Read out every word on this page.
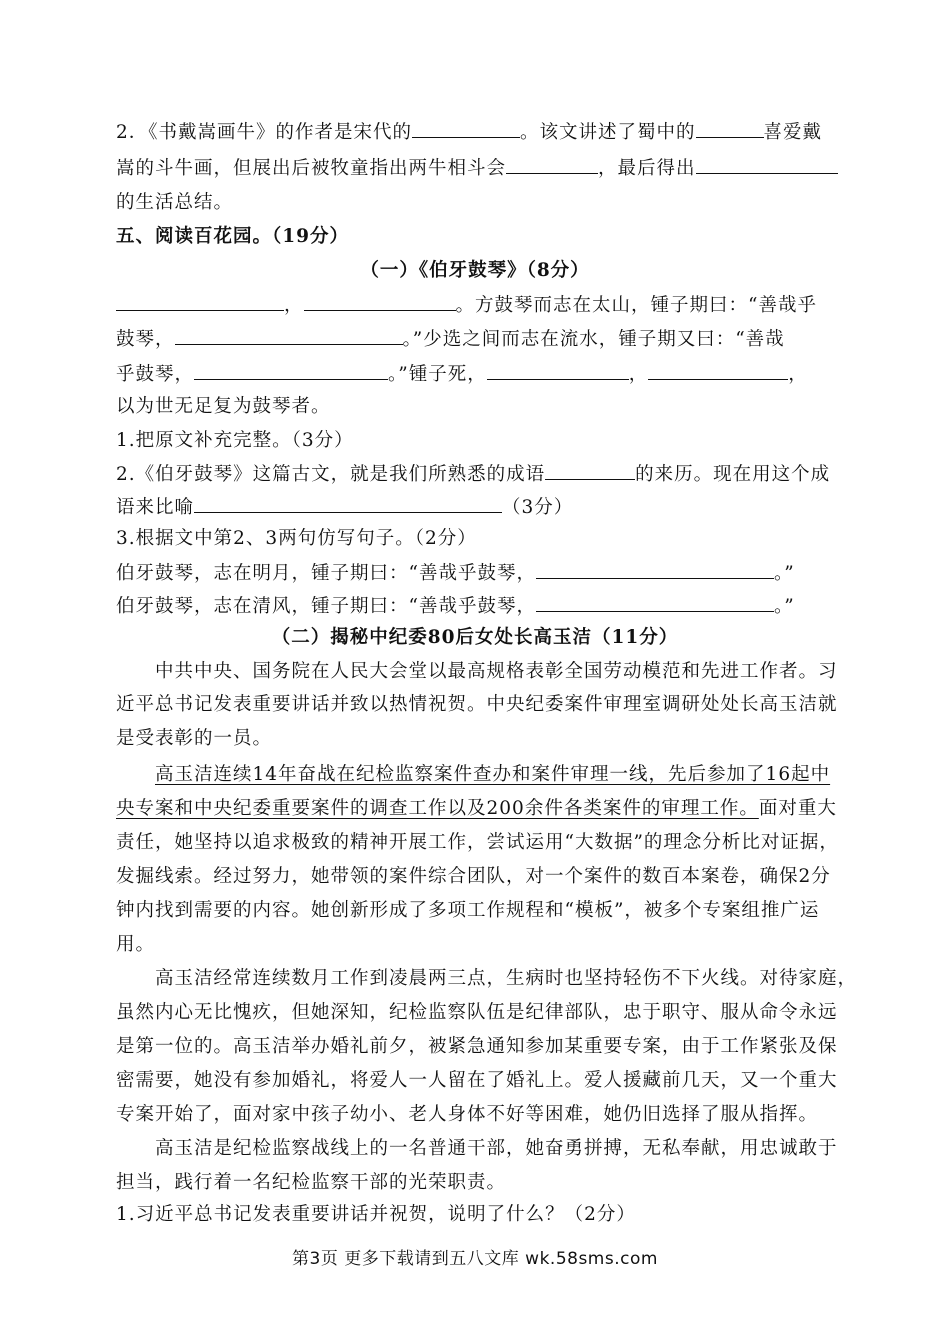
2．《书戴嵩画牛》的作者是宋代的	。该文讲述了蜀中的	喜爱戴
嵩的斗牛画，但展出后被牧童指出两牛相斗会	，最后得出
的生活总结。
五、阅读百花园。（19分）
（一）《伯牙鼓琴》（8分）
，	。方鼓琴而志在太山，锺子期曰：“善哉乎
鼓琴，	。”少选之间而志在流水，锺子期又曰：“善哉
乎鼓琴，	。”锺子死，	，	，
以为世无足复为鼓琴者。
1.把原文补充完整。（3分）
2.《伯牙鼓琴》这篇古文，就是我们所熟悉的成语	的来历。现在用这个成
语来比喻	（3分）
3.根据文中第2、3两句仿写句子。（2分）
伯牙鼓琴，志在明月，锺子期曰：“善哉乎鼓琴，	。”
伯牙鼓琴，志在清风，锺子期曰：“善哉乎鼓琴，	。”
（二）揭秘中纪委80后女处长高玉洁（11分）
中共中央、国务院在人民大会堂以最高规格表彰全国劳动模范和先进工作者。习
近平总书记发表重要讲话并致以热情祝贺。中央纪委案件审理室调研处处长高玉洁就
是受表彰的一员。
高玉洁连续14年奋战在纪检监察案件查办和案件审理一线，先后参加了16起中
央专案和中央纪委重要案件的调查工作以及200余件各类案件的审理工作。面对重大
责任，她坚持以追求极致的精神开展工作，尝试运用“大数据”的理念分析比对证据，
发掘线索。经过努力，她带领的案件综合团队，对一个案件的数百本案卷，确保2分
钟内找到需要的内容。她创新形成了多项工作规程和“模板”，被多个专案组推广运
用。
高玉洁经常连续数月工作到凌晨两三点，生病时也坚持轻伤不下火线。对待家庭，
虽然内心无比愧疚，但她深知，纪检监察队伍是纪律部队，忠于职守、服从命令永远
是第一位的。高玉洁举办婚礼前夕，被紧急通知参加某重要专案，由于工作紧张及保
密需要，她没有参加婚礼，将爱人一人留在了婚礼上。爱人援藏前几天，又一个重大
专案开始了，面对家中孩子幼小、老人身体不好等困难，她仍旧选择了服从指挥。
高玉洁是纪检监察战线上的一名普通干部，她奋勇拼搏，无私奉献，用忠诚敢于
担当，践行着一名纪检监察干部的光荣职责。
1.习近平总书记发表重要讲话并祝贺，说明了什么？（2分）
第3页 更多下载请到五八文库 wk.58sms.com
